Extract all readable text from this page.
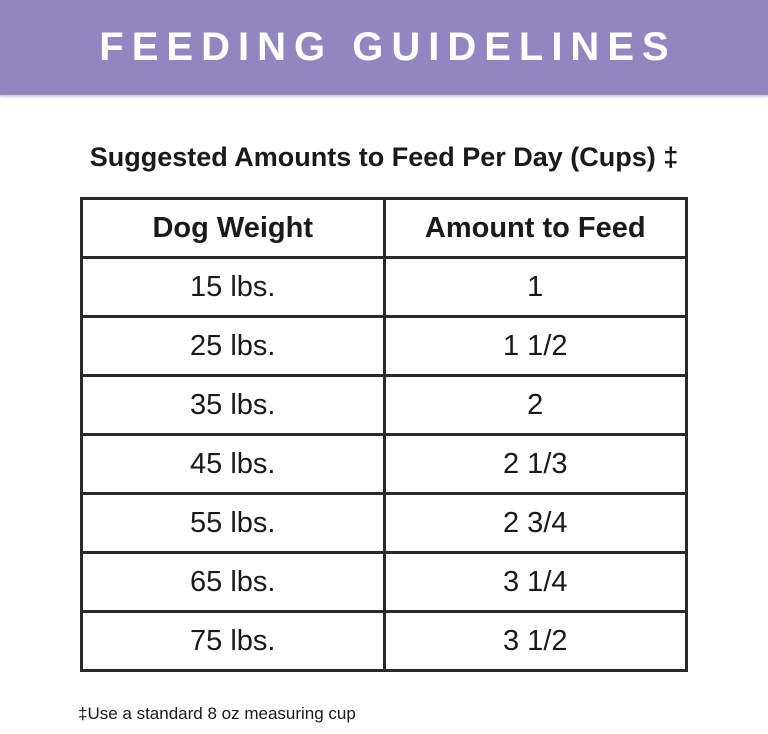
FEEDING GUIDELINES
Suggested Amounts to Feed Per Day (Cups) ‡
Dog Weight	Amount to Feed
15 lbs.	1
25 lbs.	1 1/2
35 lbs.	2
45 lbs.	2 1/3
55 lbs.	2 3/4
65 lbs.	3 1/4
75 lbs.	3 1/2
‡Use a standard 8 oz measuring cup
